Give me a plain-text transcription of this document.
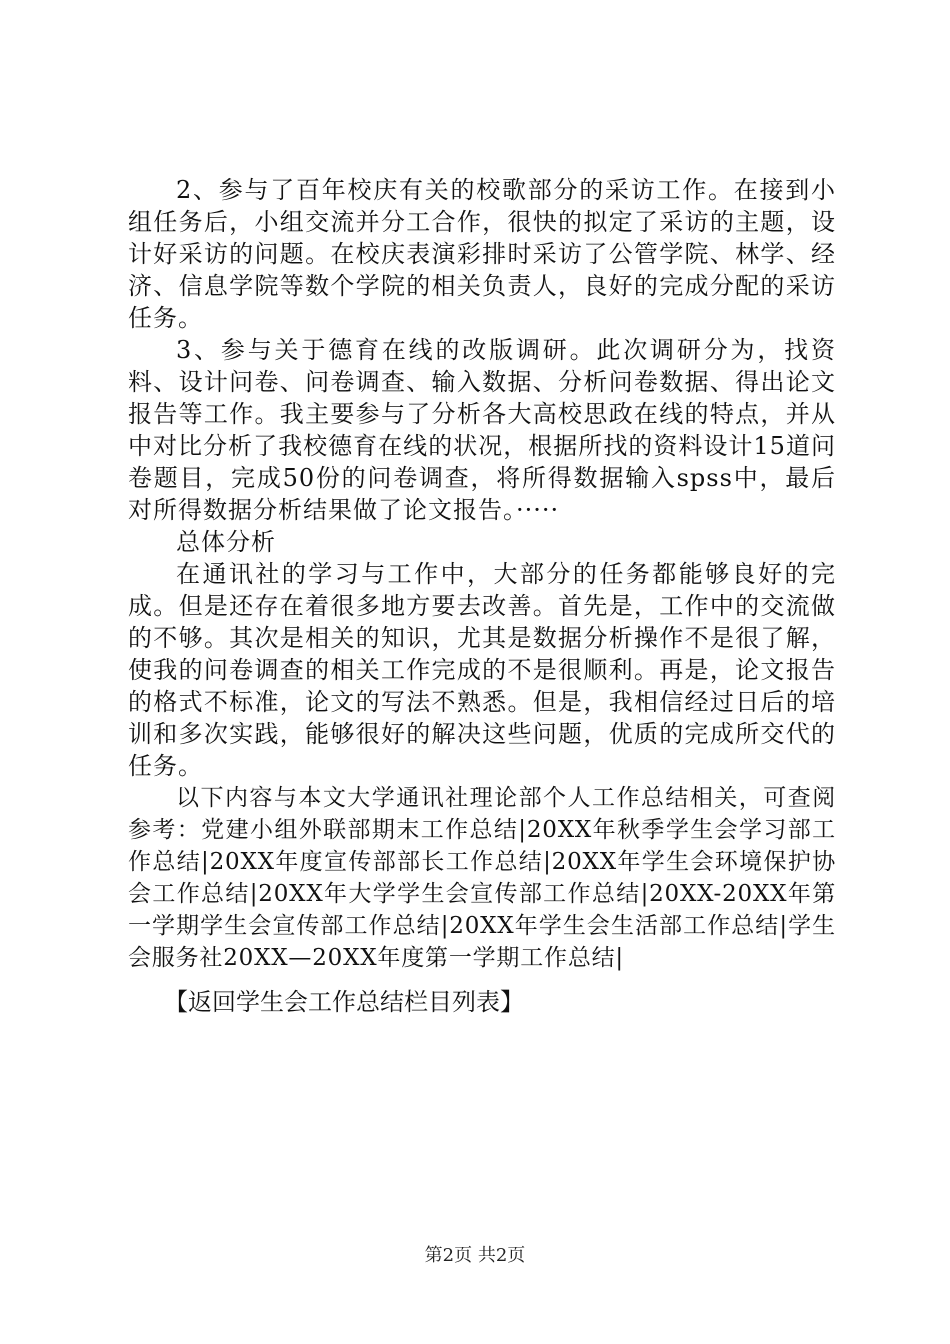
2、参与了百年校庆有关的校歌部分的采访工作。在接到小组任务后，小组交流并分工合作，很快的拟定了采访的主题，设计好采访的问题。在校庆表演彩排时采访了公管学院、林学、经济、信息学院等数个学院的相关负责人，良好的完成分配的采访任务。

3、参与关于德育在线的改版调研。此次调研分为，找资料、设计问卷、问卷调查、输入数据、分析问卷数据、得出论文报告等工作。我主要参与了分析各大高校思政在线的特点，并从中对比分析了我校德育在线的状况，根据所找的资料设计15道问卷题目，完成50份的问卷调查，将所得数据输入spss中，最后对所得数据分析结果做了论文报告。·····

总体分析

在通讯社的学习与工作中，大部分的任务都能够良好的完成。但是还存在着很多地方要去改善。首先是，工作中的交流做的不够。其次是相关的知识，尤其是数据分析操作不是很了解，使我的问卷调查的相关工作完成的不是很顺利。再是，论文报告的格式不标准，论文的写法不熟悉。但是，我相信经过日后的培训和多次实践，能够很好的解决这些问题，优质的完成所交代的任务。

以下内容与本文大学通讯社理论部个人工作总结相关，可查阅参考：党建小组外联部期末工作总结|20XX年秋季学生会学习部工作总结|20XX年度宣传部部长工作总结|20XX年学生会环境保护协会工作总结|20XX年大学学生会宣传部工作总结|20XX-20XX年第一学期学生会宣传部工作总结|20XX年学生会生活部工作总结|学生会服务社20XX—20XX年度第一学期工作总结|

【返回学生会工作总结栏目列表】

第2页 共2页
